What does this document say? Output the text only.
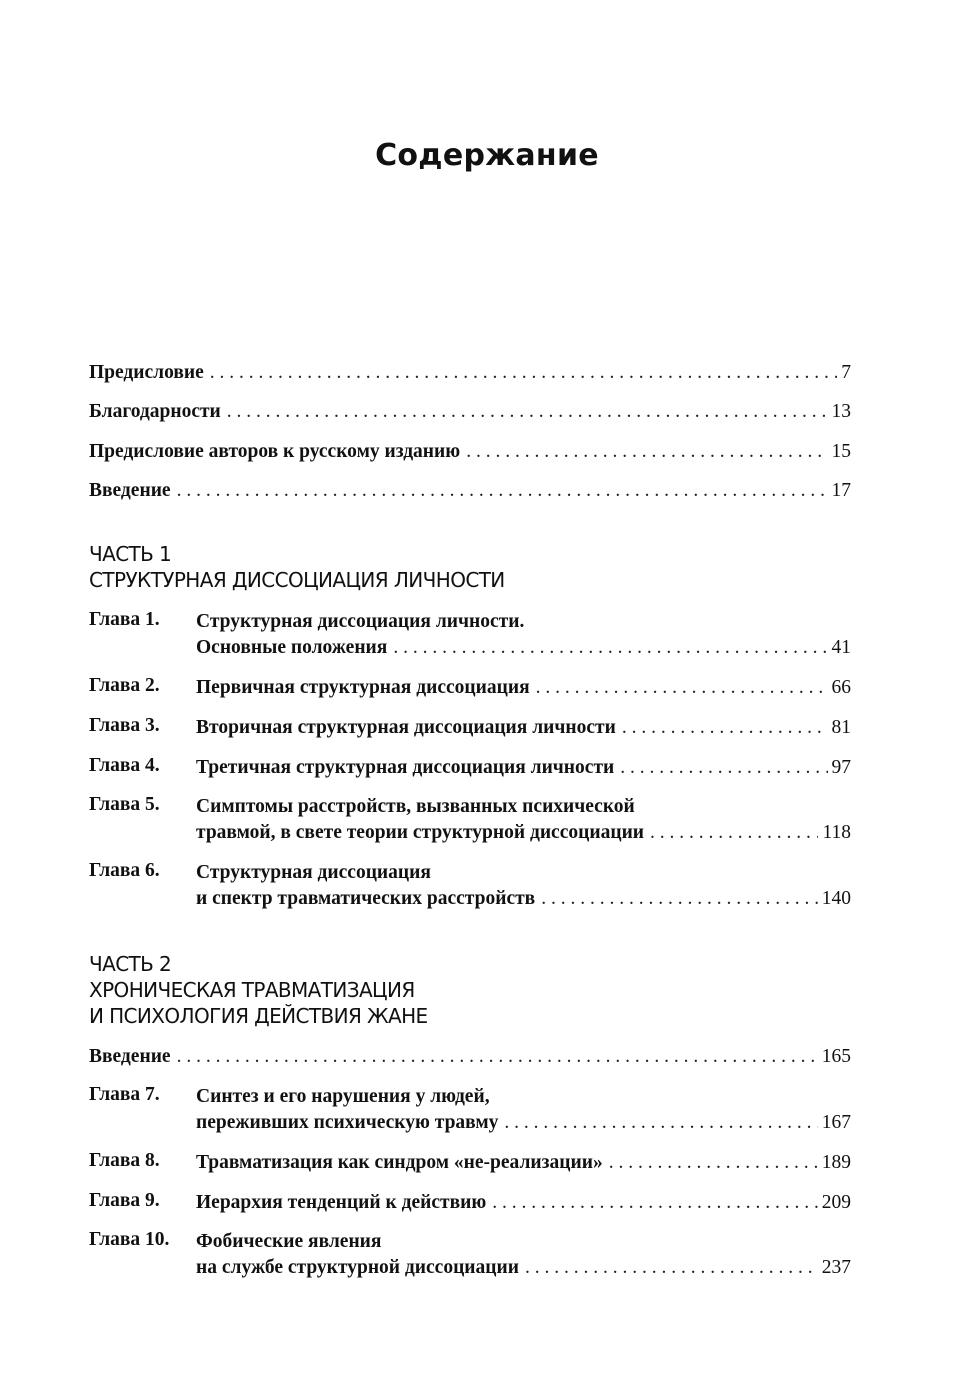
Содержание
Предисловие . . .	7
Благодарности . . .	13
Предисловие авторов к русскому изданию . . .	15
Введение . . .	17
ЧАСТЬ 1
СТРУКТУРНАЯ ДИССОЦИАЦИЯ ЛИЧНОСТИ
Глава 1. Структурная диссоциация личности.
Основные положения . . .	41
Глава 2. Первичная структурная диссоциация . . .	66
Глава 3. Вторичная структурная диссоциация личности . . .	81
Глава 4. Третичная структурная диссоциация личности . . .	97
Глава 5. Симптомы расстройств, вызванных психической
травмой, в свете теории структурной диссоциации . . .	118
Глава 6. Структурная диссоциация
и спектр травматических расстройств . . .	140
ЧАСТЬ 2
ХРОНИЧЕСКАЯ ТРАВМАТИЗАЦИЯ
И ПСИХОЛОГИЯ ДЕЙСТВИЯ ЖАНЕ
Введение . . .	165
Глава 7. Синтез и его нарушения у людей,
переживших психическую травму . . .	167
Глава 8. Травматизация как синдром «не-реализации» . . .	189
Глава 9. Иерархия тенденций к действию . . .	209
Глава 10. Фобические явления
на службе структурной диссоциации . . .	237
